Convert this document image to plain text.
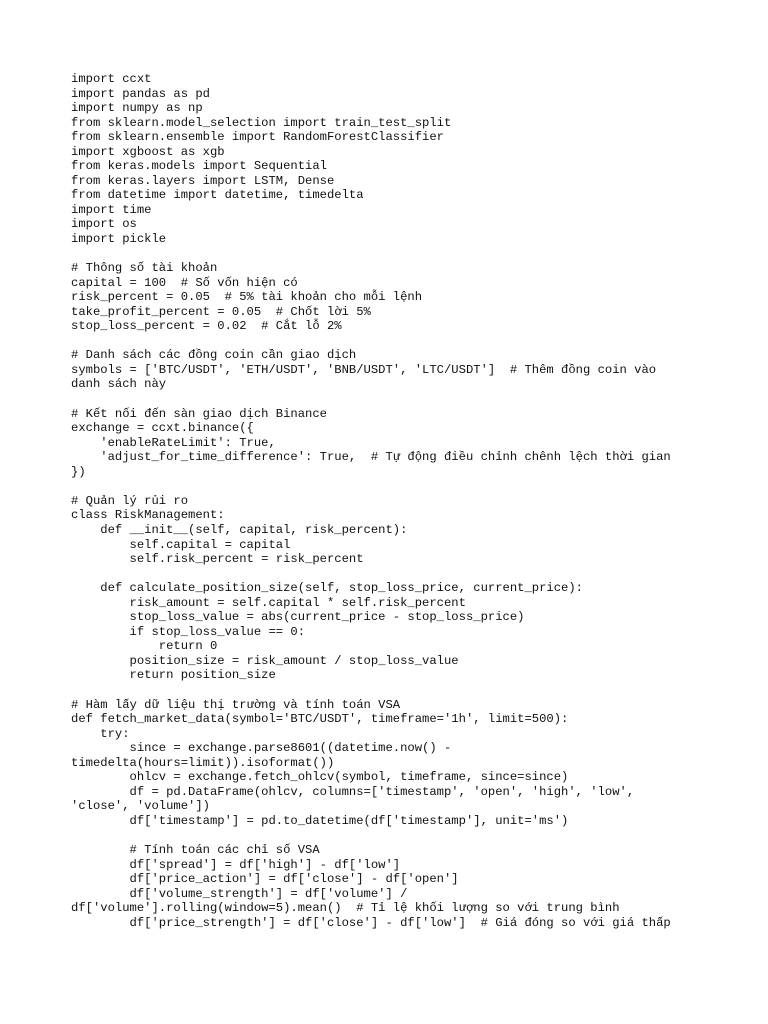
import ccxt
import pandas as pd
import numpy as np
from sklearn.model_selection import train_test_split
from sklearn.ensemble import RandomForestClassifier
import xgboost as xgb
from keras.models import Sequential
from keras.layers import LSTM, Dense
from datetime import datetime, timedelta
import time
import os
import pickle

# Thông số tài khoản
capital = 100  # Số vốn hiện có
risk_percent = 0.05  # 5% tài khoản cho mỗi lệnh
take_profit_percent = 0.05  # Chốt lời 5%
stop_loss_percent = 0.02  # Cắt lỗ 2%

# Danh sách các đồng coin cần giao dịch
symbols = ['BTC/USDT', 'ETH/USDT', 'BNB/USDT', 'LTC/USDT']  # Thêm đồng coin vào
danh sách này

# Kết nối đến sàn giao dịch Binance
exchange = ccxt.binance({
'enableRateLimit': True,
'adjust_for_time_difference': True,  # Tự động điều chỉnh chênh lệch thời gian
})

# Quản lý rủi ro
class RiskManagement:
def __init__(self, capital, risk_percent):
self.capital = capital
self.risk_percent = risk_percent

def calculate_position_size(self, stop_loss_price, current_price):
risk_amount = self.capital * self.risk_percent
stop_loss_value = abs(current_price - stop_loss_price)
if stop_loss_value == 0:
return 0
position_size = risk_amount / stop_loss_value
return position_size

# Hàm lấy dữ liệu thị trường và tính toán VSA
def fetch_market_data(symbol='BTC/USDT', timeframe='1h', limit=500):
try:
since = exchange.parse8601((datetime.now() -
timedelta(hours=limit)).isoformat())
ohlcv = exchange.fetch_ohlcv(symbol, timeframe, since=since)
df = pd.DataFrame(ohlcv, columns=['timestamp', 'open', 'high', 'low',
'close', 'volume'])
df['timestamp'] = pd.to_datetime(df['timestamp'], unit='ms')

# Tính toán các chỉ số VSA
df['spread'] = df['high'] - df['low']
df['price_action'] = df['close'] - df['open']
df['volume_strength'] = df['volume'] /
df['volume'].rolling(window=5).mean()  # Tỉ lệ khối lượng so với trung bình
df['price_strength'] = df['close'] - df['low']  # Giá đóng so với giá thấp
